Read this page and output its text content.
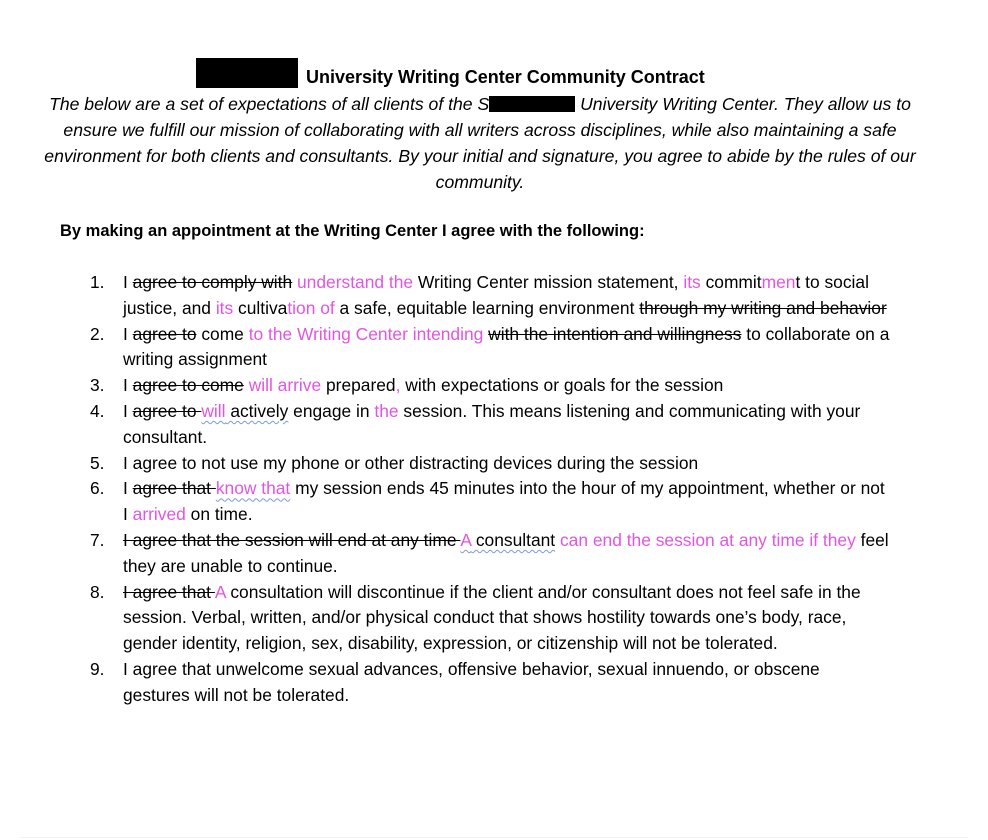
University Writing Center Community Contract
The below are a set of expectations of all clients of the S	University Writing Center. They allow us to ensure we fulfill our mission of collaborating with all writers across disciplines, while also maintaining a safe environment for both clients and consultants. By your initial and signature, you agree to abide by the rules of our community.
By making an appointment at the Writing Center I agree with the following:
1. I agree to comply with understand the Writing Center mission statement, its commitment to social justice, and its cultivation of a safe, equitable learning environment through my writing and behavior
2. I agree to come to the Writing Center intending with the intention and willingness to collaborate on a writing assignment
3. I agree to come will arrive prepared, with expectations or goals for the session
4. I agree to will actively engage in the session. This means listening and communicating with your consultant.
5. I agree to not use my phone or other distracting devices during the session
6. I agree that know that my session ends 45 minutes into the hour of my appointment, whether or not I arrived on time.
7. I agree that the session will end at any time A consultant can end the session at any time if they feel they are unable to continue.
8. I agree that A consultation will discontinue if the client and/or consultant does not feel safe in the session. Verbal, written, and/or physical conduct that shows hostility towards one’s body, race, gender identity, religion, sex, disability, expression, or citizenship will not be tolerated.
9. I agree that unwelcome sexual advances, offensive behavior, sexual innuendo, or obscene gestures will not be tolerated.
